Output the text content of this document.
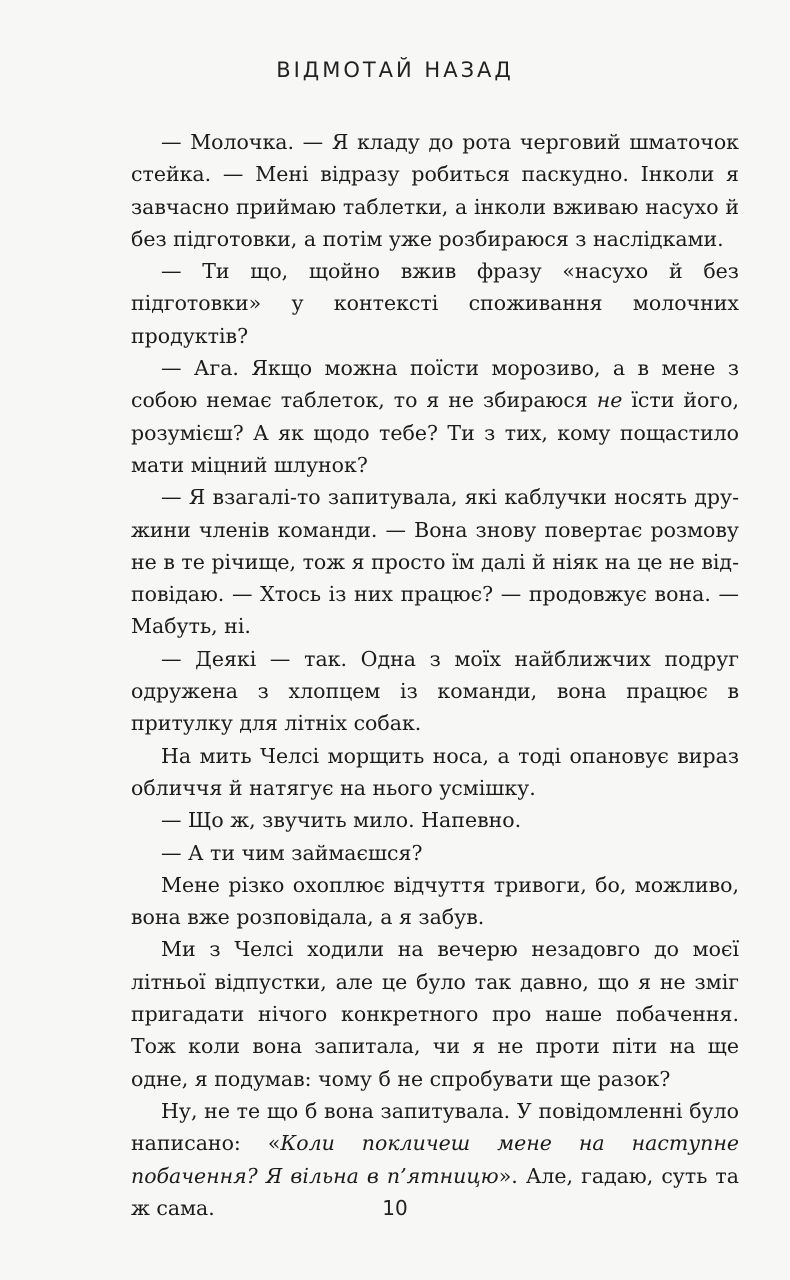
ВІДМОТАЙ НАЗАД

— Молочка. — Я кладу до рота черговий шматочок стейка. — Мені відразу робиться паскудно. Інколи я завчасно приймаю таблетки, а інколи вживаю насухо й без підготовки, а потім уже розбираюся з наслідками.

— Ти що, щойно вжив фразу «насухо й без підготовки» у контексті споживання молочних продуктів?

— Ага. Якщо можна поїсти морозиво, а в мене з собою немає таблеток, то я не збираюся не їсти його, розумієш? А як щодо тебе? Ти з тих, кому пощастило мати міцний шлунок?

— Я взагалі-то запитувала, які каблучки носять дружини членів команди. — Вона знову повертає розмову не в те річище, тож я просто їм далі й ніяк на це не відповідаю. — Хтось із них працює? — продовжує вона. — Мабуть, ні.

— Деякі — так. Одна з моїх найближчих подруг одружена з хлопцем із команди, вона працює в притулку для літніх собак.

На мить Челсі морщить носа, а тоді опановує вираз обличчя й натягує на нього усмішку.

— Що ж, звучить мило. Напевно.

— А ти чим займаєшся?

Мене різко охоплює відчуття тривоги, бо, можливо, вона вже розповідала, а я забув.

Ми з Челсі ходили на вечерю незадовго до моєї літньої відпустки, але це було так давно, що я не зміг пригадати нічого конкретного про наше побачення. Тож коли вона запитала, чи я не проти піти на ще одне, я подумав: чому б не спробувати ще разок?

Ну, не те що б вона запитувала. У повідомленні було написано: «Коли покличеш мене на наступне побачення? Я вільна в п’ятницю». Але, гадаю, суть та ж сама.	10
